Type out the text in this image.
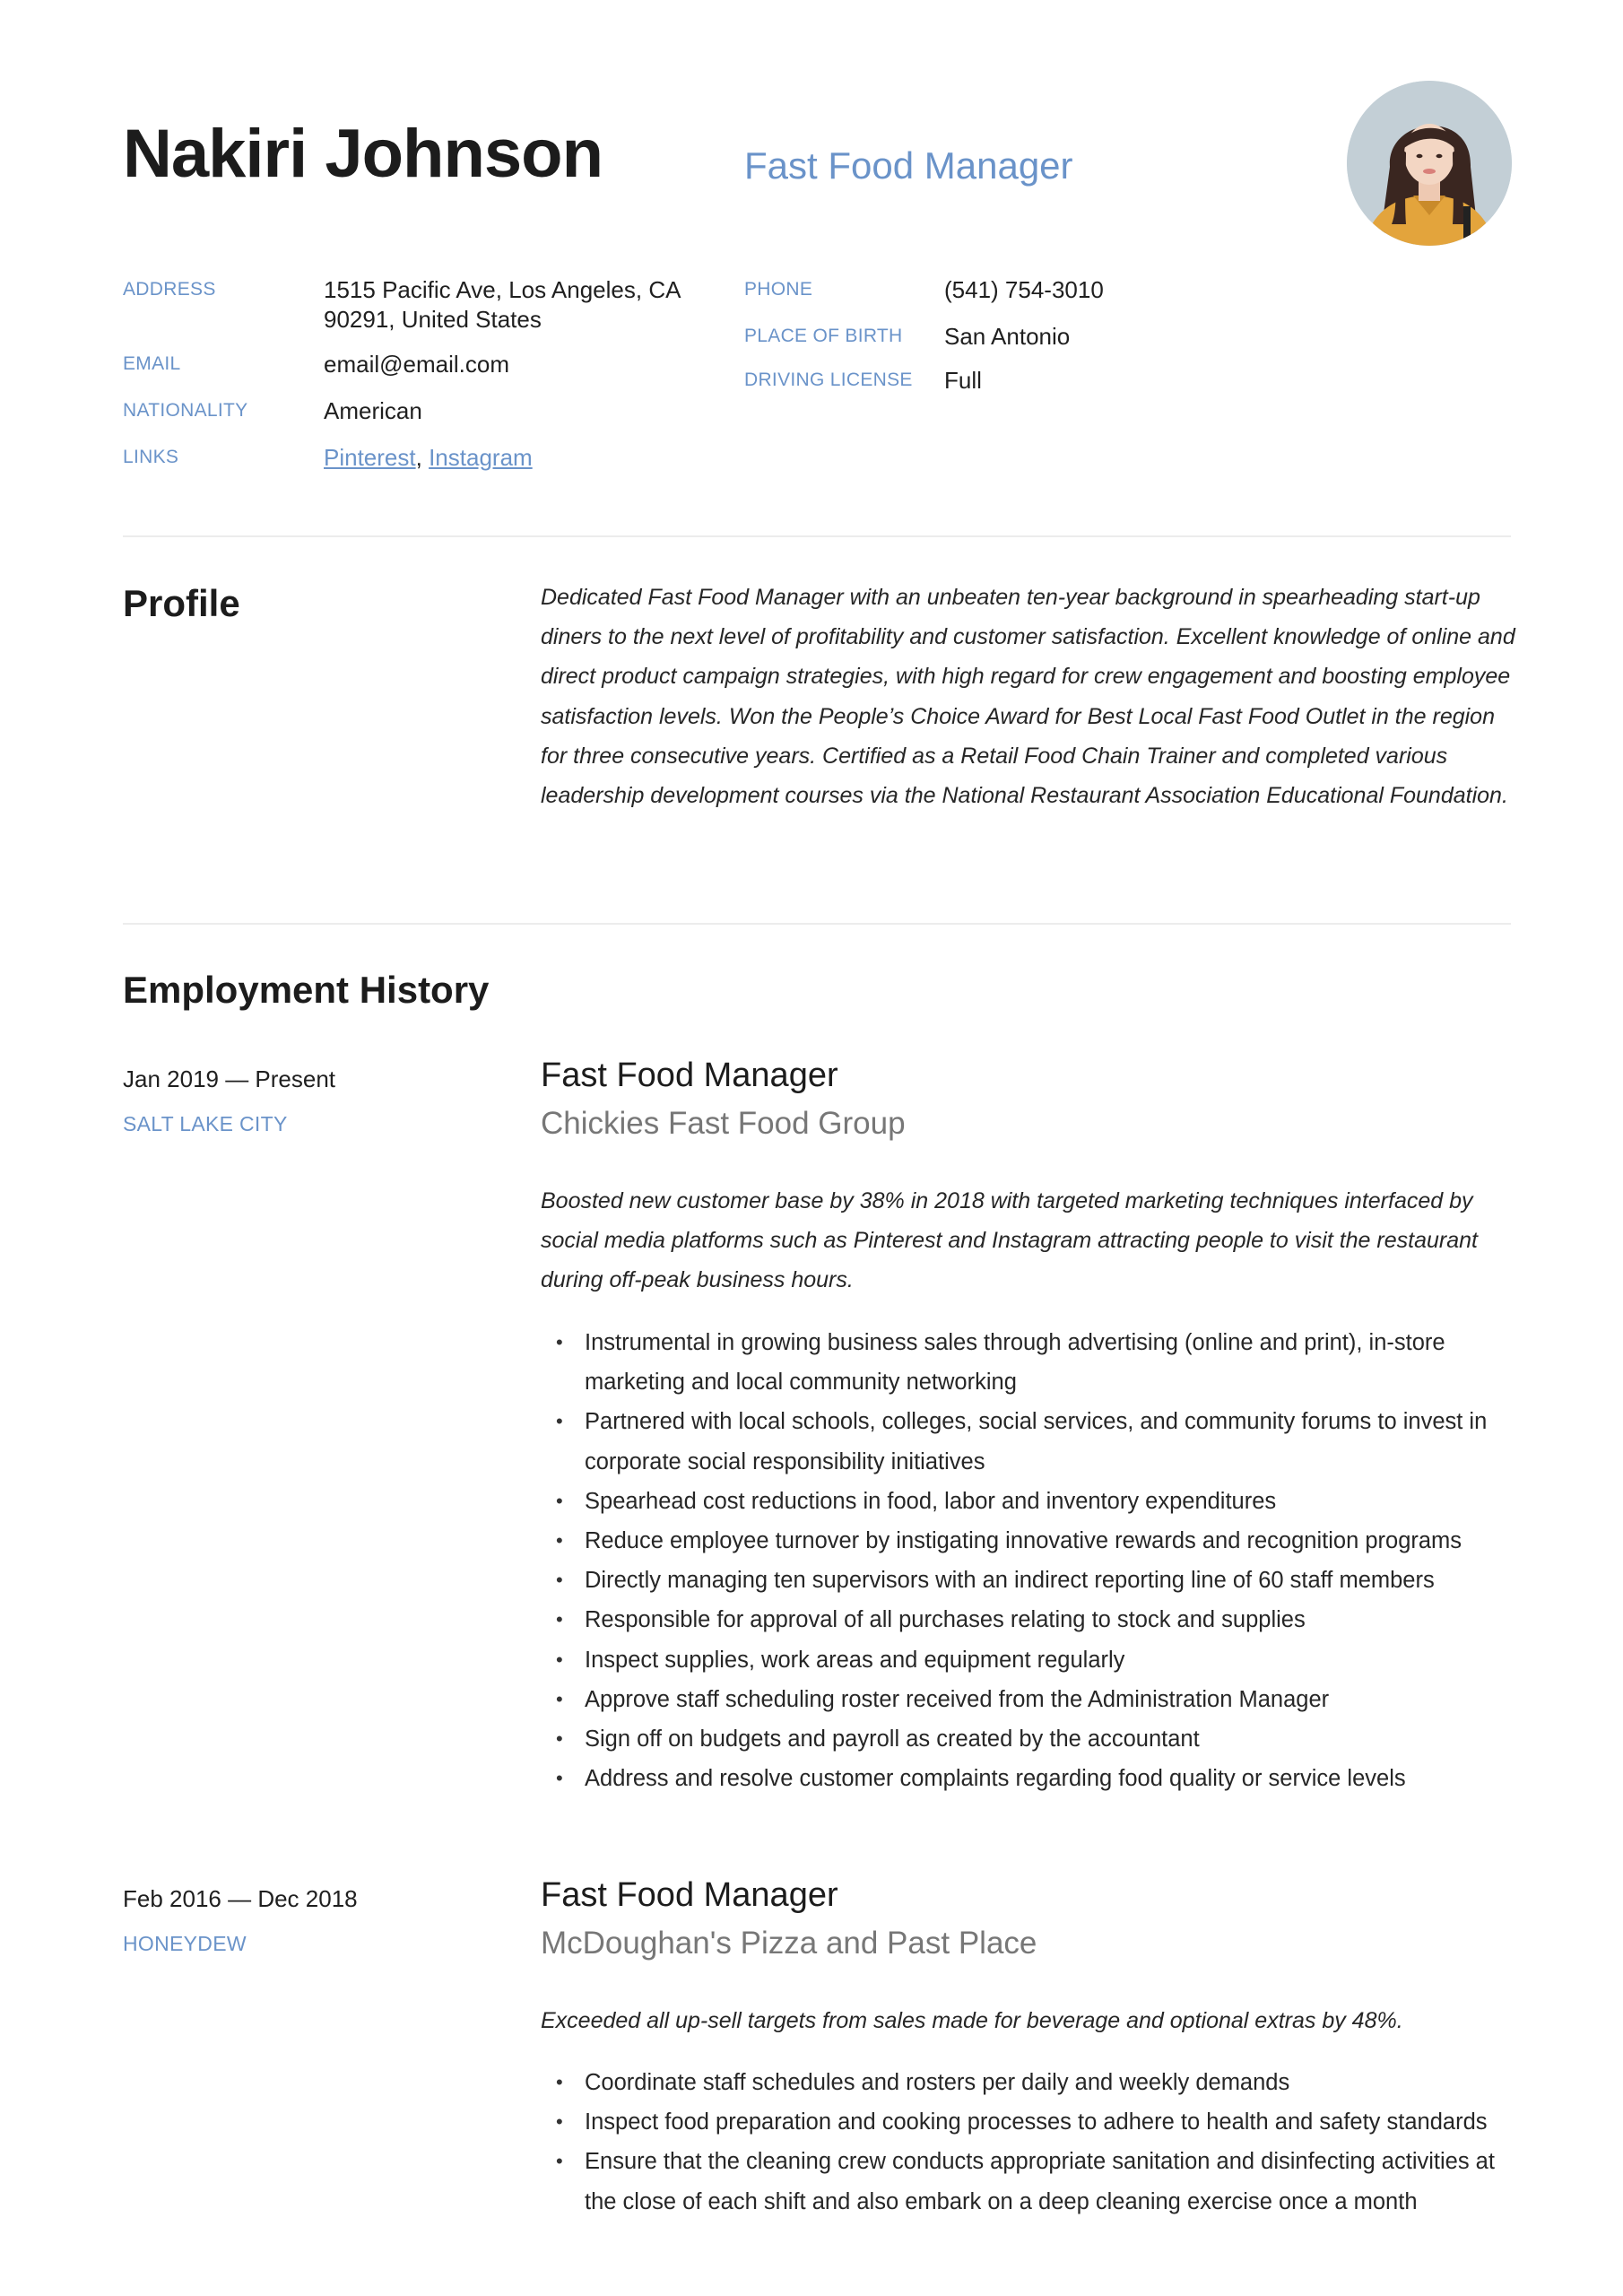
Nakiri Johnson	Fast Food Manager
ADDRESS	1515 Pacific Ave, Los Angeles, CA
90291, United States
EMAIL	email@email.com
NATIONALITY	American
LINKS	Pinterest, Instagram
PHONE	(541) 754-3010
PLACE OF BIRTH San Antonio
DRIVING LICENSE Full
Profile	Dedicated Fast Food Manager with an unbeaten ten-year background in spearheading start-up diners to the next level of profitability and customer satisfaction. Excellent knowledge of online and direct product campaign strategies, with high regard for crew engagement and boosting employee satisfaction levels. Won the People’s Choice Award for Best Local Fast Food Outlet in the region for three consecutive years. Certified as a Retail Food Chain Trainer and completed various leadership development courses via the National Restaurant Association Educational Foundation.

Employment History
Jan 2019 — Present
SALT LAKE CITY
Fast Food Manager
Chickies Fast Food Group

Boosted new customer base by 38% in 2018 with targeted marketing techniques interfaced by social media platforms such as Pinterest and Instagram attracting people to visit the restaurant during off-peak business hours.

• Instrumental in growing business sales through advertising (online and print), in-store marketing and local community networking
• Partnered with local schools, colleges, social services, and community forums to invest in corporate social responsibility initiatives
• Spearhead cost reductions in food, labor and inventory expenditures
• Reduce employee turnover by instigating innovative rewards and recognition programs
• Directly managing ten supervisors with an indirect reporting line of 60 staff members
• Responsible for approval of all purchases relating to stock and supplies
• Inspect supplies, work areas and equipment regularly
• Approve staff scheduling roster received from the Administration Manager
• Sign off on budgets and payroll as created by the accountant
• Address and resolve customer complaints regarding food quality or service levels
Feb 2016 — Dec 2018
HONEYDEW
Fast Food Manager
McDoughan's Pizza and Past Place

Exceeded all up-sell targets from sales made for beverage and optional extras by 48%.

• Coordinate staff schedules and rosters per daily and weekly demands
• Inspect food preparation and cooking processes to adhere to health and safety standards
• Ensure that the cleaning crew conducts appropriate sanitation and disinfecting activities at the close of each shift and also embark on a deep cleaning exercise once a month
